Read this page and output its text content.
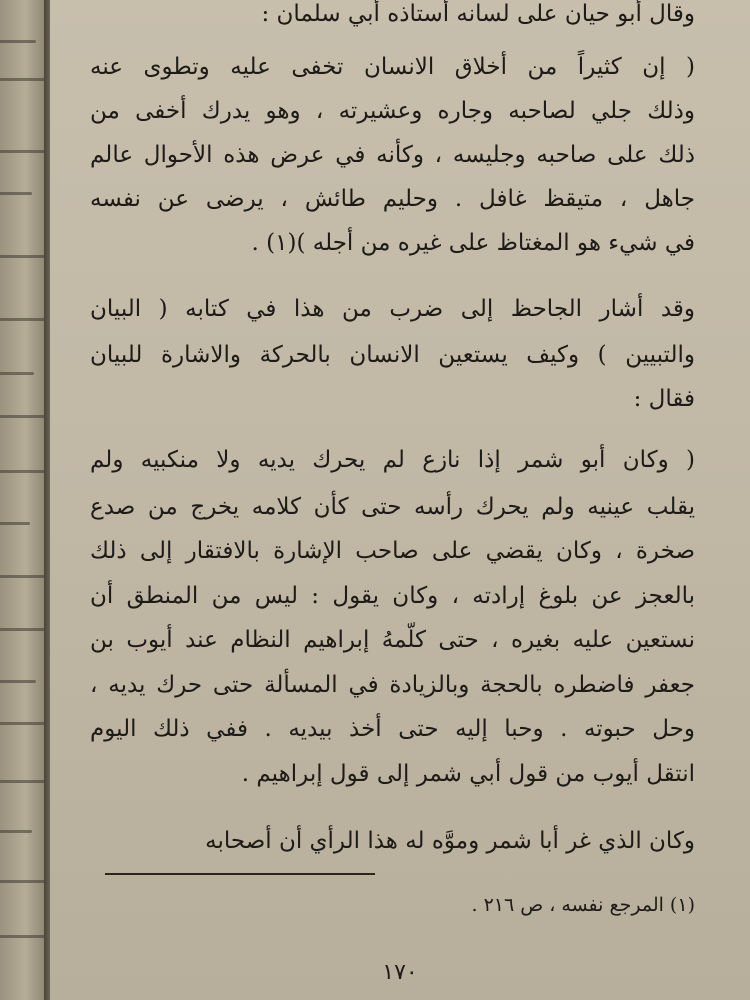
وقال أبو حيان على لسانه أستاذه أبي سلمان :
( إن كثيراً من أخلاق الانسان تخفى عليه وتطوى عنه
وذلك جلي لصاحبه وجاره وعشيرته ، وهو يدرك أخفى من
ذلك على صاحبه وجليسه ، وكأنه في عرض هذه الأحوال عالم
جاهل ، متيقظ غافل . وحليم طائش ، يرضى عن نفسه
في شيء هو المغتاظ على غيره من أجله )(١) .
وقد أشار الجاحظ إلى ضرب من هذا في كتابه ( البيان
والتبيين ) وكيف يستعين الانسان بالحركة والاشارة للبيان
فقال :
( وكان أبو شمر إذا نازع لم يحرك يديه ولا منكبيه ولم
يقلب عينيه ولم يحرك رأسه حتى كأن كلامه يخرج من صدع
صخرة ، وكان يقضي على صاحب الإشارة بالافتقار إلى ذلك
بالعجز عن بلوغ إرادته ، وكان يقول : ليس من المنطق أن
نستعين عليه بغيره ، حتى كلّمهُ إبراهيم النظام عند أيوب بن
جعفر فاضطره بالحجة وبالزيادة في المسألة حتى حرك يديه ،
وحل حبوته . وحبا إليه حتى أخذ بيديه . ففي ذلك اليوم
انتقل أيوب من قول أبي شمر إلى قول إبراهيم .
وكان الذي غر أبا شمر وموَّه له هذا الرأي أن أصحابه
(١) المرجع نفسه ، ص ٢١٦ .
١٧٠
